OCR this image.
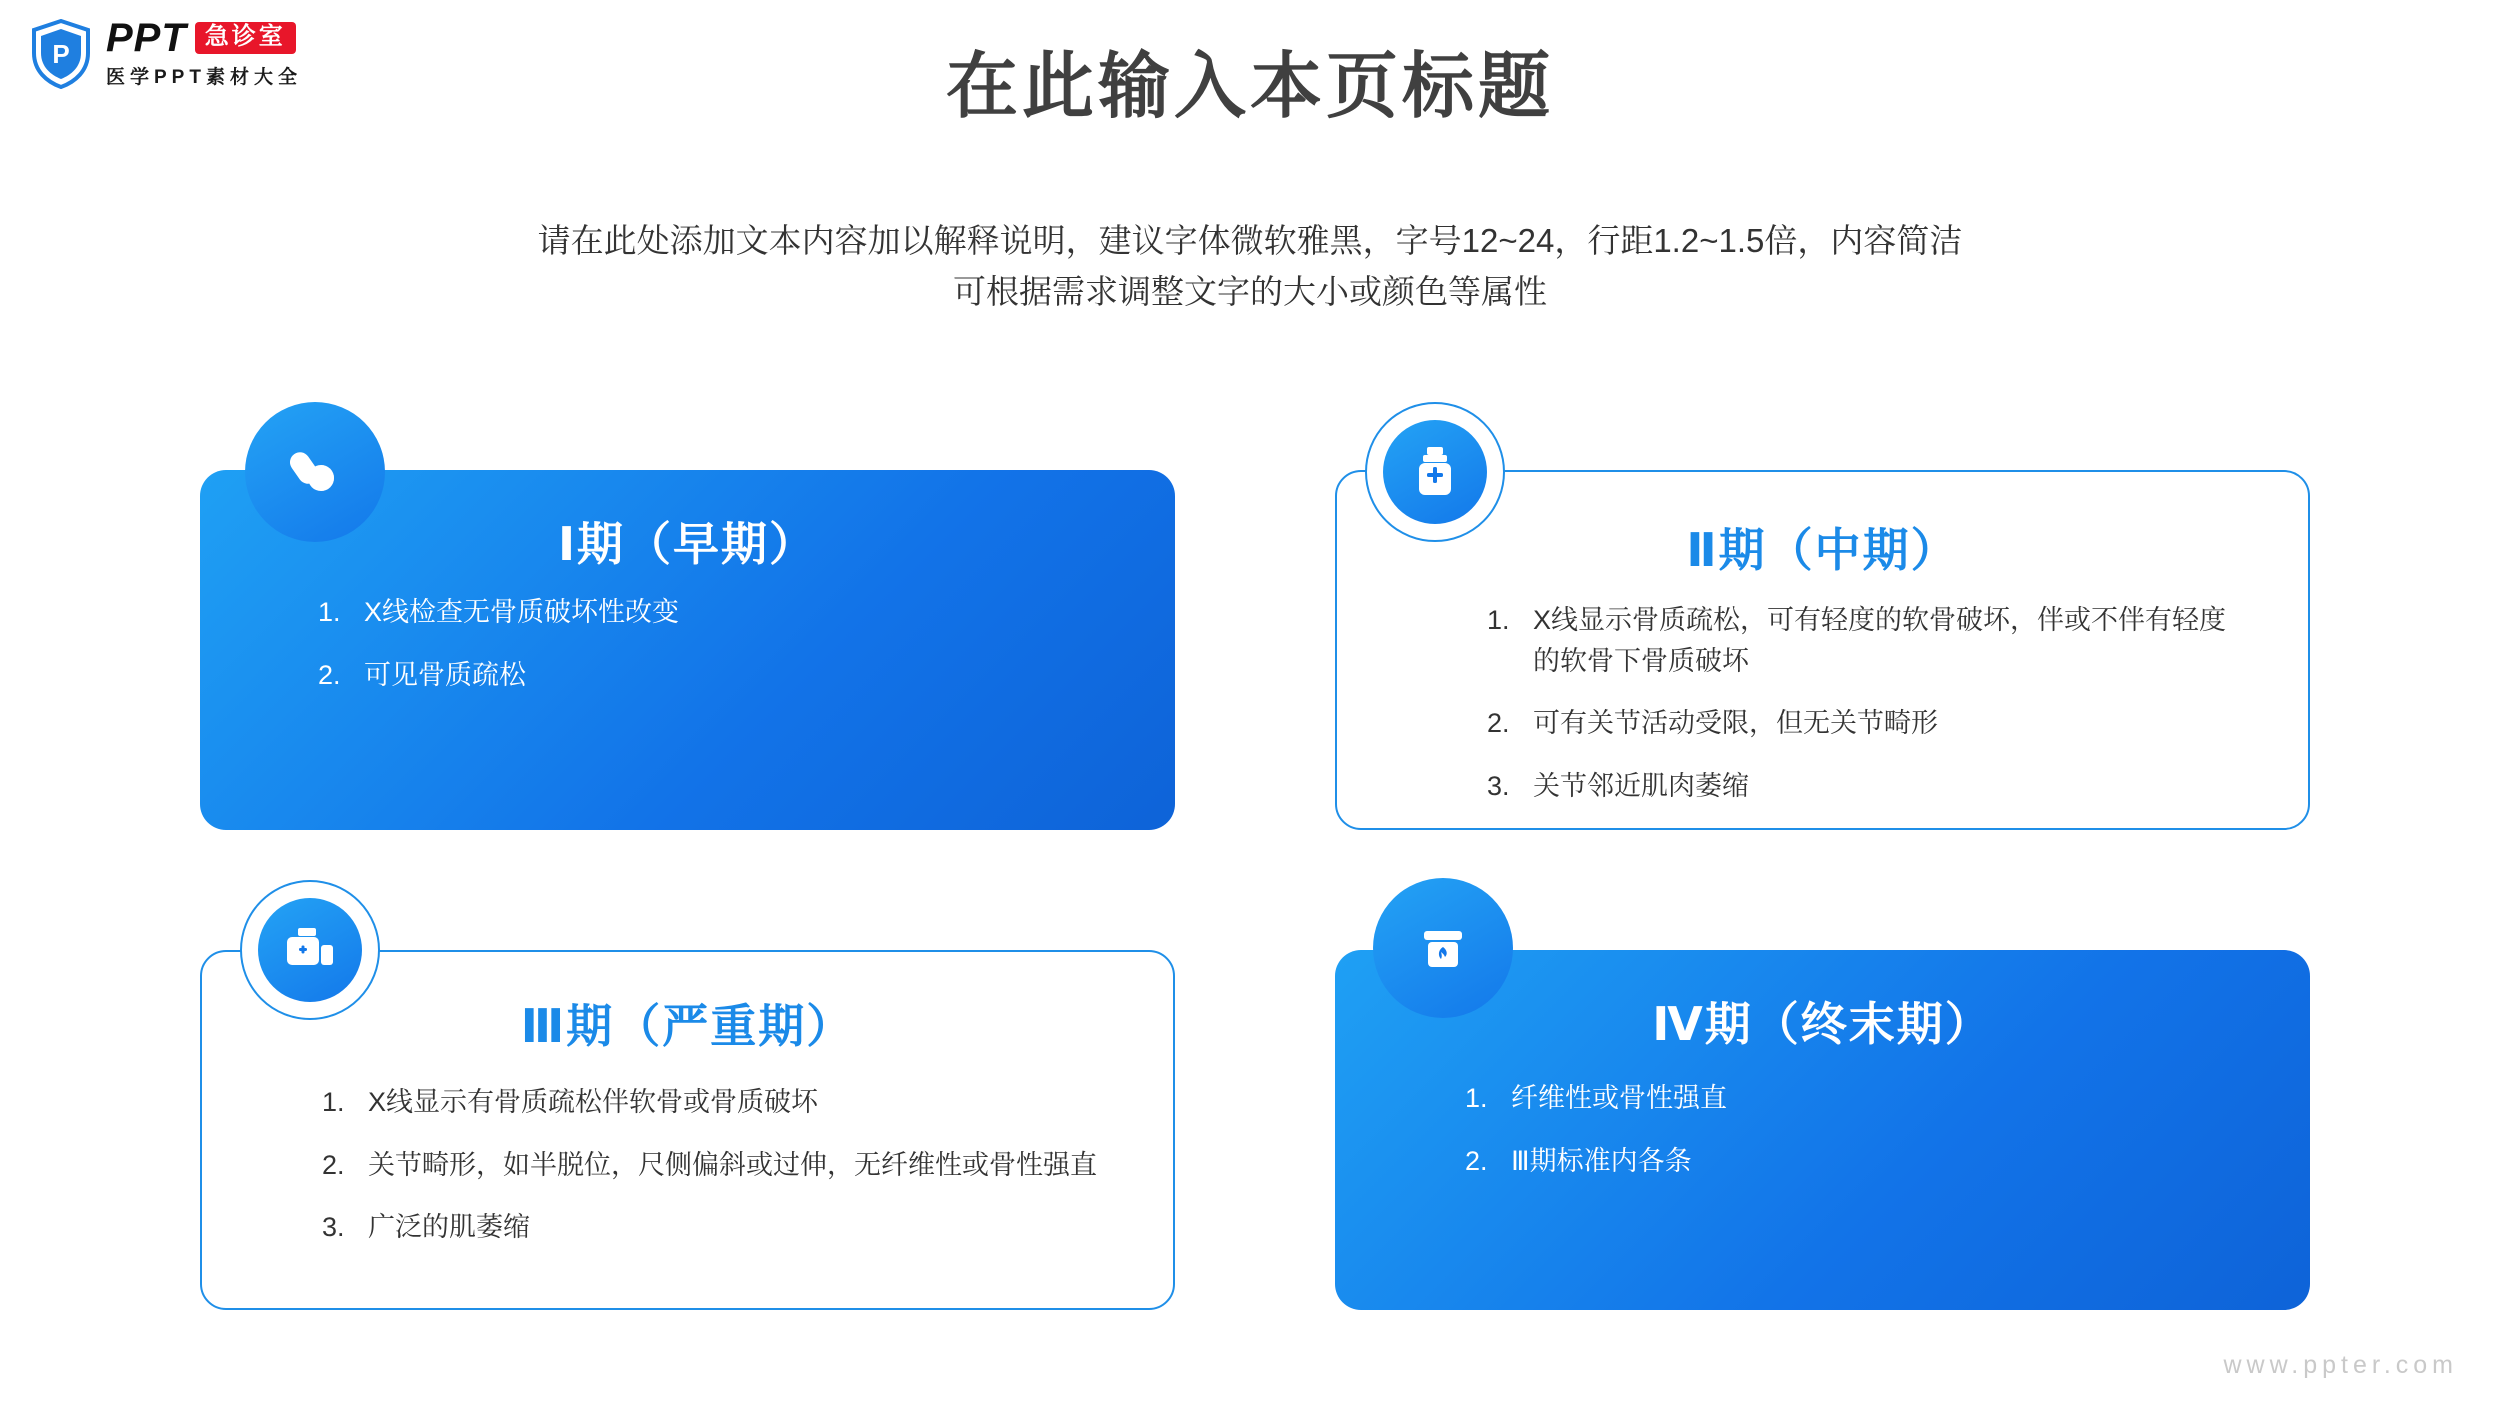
P PPT 急诊室
医学PPT素材大全	在此输入本页标题
请在此处添加文本内容加以解释说明，建议字体微软雅黑，字号12~24，行距1.2~1.5倍，内容简洁
可根据需求调整文字的大小或颜色等属性
Ⅰ期（早期）
1. X线检查无骨质破坏性改变
2. 可见骨质疏松
Ⅱ期（中期）
1. X线显示骨质疏松，可有轻度的软骨破坏，伴或不伴有轻度的软骨下骨质破坏
2. 可有关节活动受限，但无关节畸形
3. 关节邻近肌肉萎缩
Ⅲ期（严重期）
1. X线显示有骨质疏松伴软骨或骨质破坏
2. 关节畸形，如半脱位，尺侧偏斜或过伸，无纤维性或骨性强直
3. 广泛的肌萎缩
Ⅳ期（终末期）
1. 纤维性或骨性强直
2. Ⅲ期标准内各条
www.ppter.com
